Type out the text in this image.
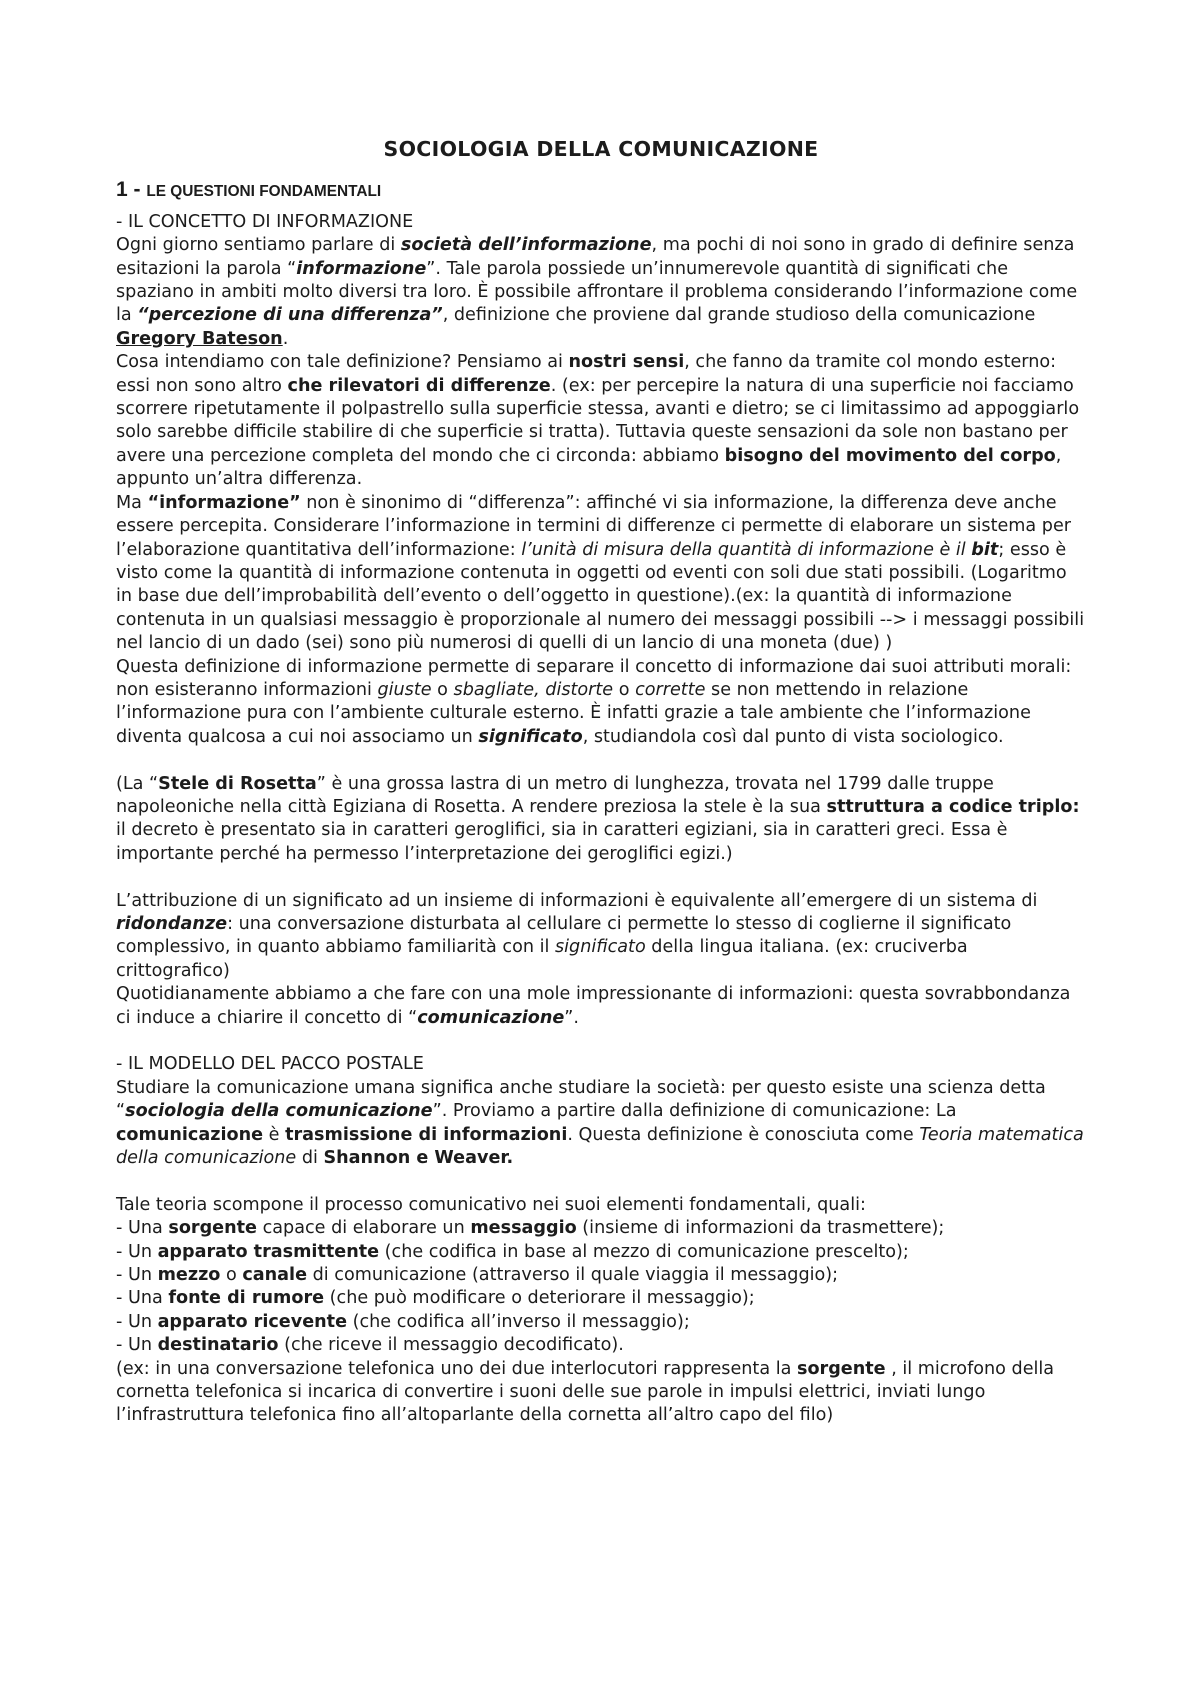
SOCIOLOGIA DELLA COMUNICAZIONE

1 - LE QUESTIONI FONDAMENTALI

- IL CONCETTO DI INFORMAZIONE

Ogni giorno sentiamo parlare di società dell’informazione, ma pochi di noi sono in grado di definire senza esitazioni la parola “informazione”. Tale parola possiede un’innumerevole quantità di significati che spaziano in ambiti molto diversi tra loro. È possibile affrontare il problema considerando l’informazione come la “percezione di una differenza”, definizione che proviene dal grande studioso della comunicazione Gregory Bateson.

Cosa intendiamo con tale definizione? Pensiamo ai nostri sensi, che fanno da tramite col mondo esterno: essi non sono altro che rilevatori di differenze. (ex: per percepire la natura di una superficie noi facciamo scorrere ripetutamente il polpastrello sulla superficie stessa, avanti e dietro; se ci limitassimo ad appoggiarlo solo sarebbe difficile stabilire di che superficie si tratta). Tuttavia queste sensazioni da sole non bastano per avere una percezione completa del mondo che ci circonda: abbiamo bisogno del movimento del corpo, appunto un’altra differenza.

Ma “informazione” non è sinonimo di “differenza”: affinché vi sia informazione, la differenza deve anche essere percepita. Considerare l’informazione in termini di differenze ci permette di elaborare un sistema per l’elaborazione quantitativa dell’informazione: l’unità di misura della quantità di informazione è il bit; esso è visto come la quantità di informazione contenuta in oggetti od eventi con soli due stati possibili. (Logaritmo in base due dell’improbabilità dell’evento o dell’oggetto in questione).(ex: la quantità di informazione contenuta in un qualsiasi messaggio è proporzionale al numero dei messaggi possibili --> i messaggi possibili nel lancio di un dado (sei) sono più numerosi di quelli di un lancio di una moneta (due) )

Questa definizione di informazione permette di separare il concetto di informazione dai suoi attributi morali: non esisteranno informazioni giuste o sbagliate, distorte o corrette se non mettendo in relazione l’informazione pura con l’ambiente culturale esterno. È infatti grazie a tale ambiente che l’informazione diventa qualcosa a cui noi associamo un significato, studiandola così dal punto di vista sociologico.

(La “Stele di Rosetta” è una grossa lastra di un metro di lunghezza, trovata nel 1799 dalle truppe napoleoniche nella città Egiziana di Rosetta. A rendere preziosa la stele è la sua sttruttura a codice triplo: il decreto è presentato sia in caratteri geroglifici, sia in caratteri egiziani, sia in caratteri greci. Essa è importante perché ha permesso l’interpretazione dei geroglifici egizi.)

L’attribuzione di un significato ad un insieme di informazioni è equivalente all’emergere di un sistema di ridondanze: una conversazione disturbata al cellulare ci permette lo stesso di coglierne il significato complessivo, in quanto abbiamo familiarità con il significato della lingua italiana. (ex: cruciverba crittografico)

Quotidianamente abbiamo a che fare con una mole impressionante di informazioni: questa sovrabbondanza ci induce a chiarire il concetto di “comunicazione”.

- IL MODELLO DEL PACCO POSTALE

Studiare la comunicazione umana significa anche studiare la società: per questo esiste una scienza detta “sociologia della comunicazione”. Proviamo a partire dalla definizione di comunicazione: La comunicazione è trasmissione di informazioni. Questa definizione è conosciuta come Teoria matematica della comunicazione di Shannon e Weaver.

Tale teoria scompone il processo comunicativo nei suoi elementi fondamentali, quali:

- Una sorgente capace di elaborare un messaggio (insieme di informazioni da trasmettere);

- Un apparato trasmittente (che codifica in base al mezzo di comunicazione prescelto);

- Un mezzo o canale di comunicazione (attraverso il quale viaggia il messaggio);

- Una fonte di rumore (che può modificare o deteriorare il messaggio);

- Un apparato ricevente (che codifica all’inverso il messaggio);

- Un destinatario (che riceve il messaggio decodificato).

(ex: in una conversazione telefonica uno dei due interlocutori rappresenta la sorgente , il microfono della cornetta telefonica si incarica di convertire i suoni delle sue parole in impulsi elettrici, inviati lungo l’infrastruttura telefonica fino all’altoparlante della cornetta all’altro capo del filo)
